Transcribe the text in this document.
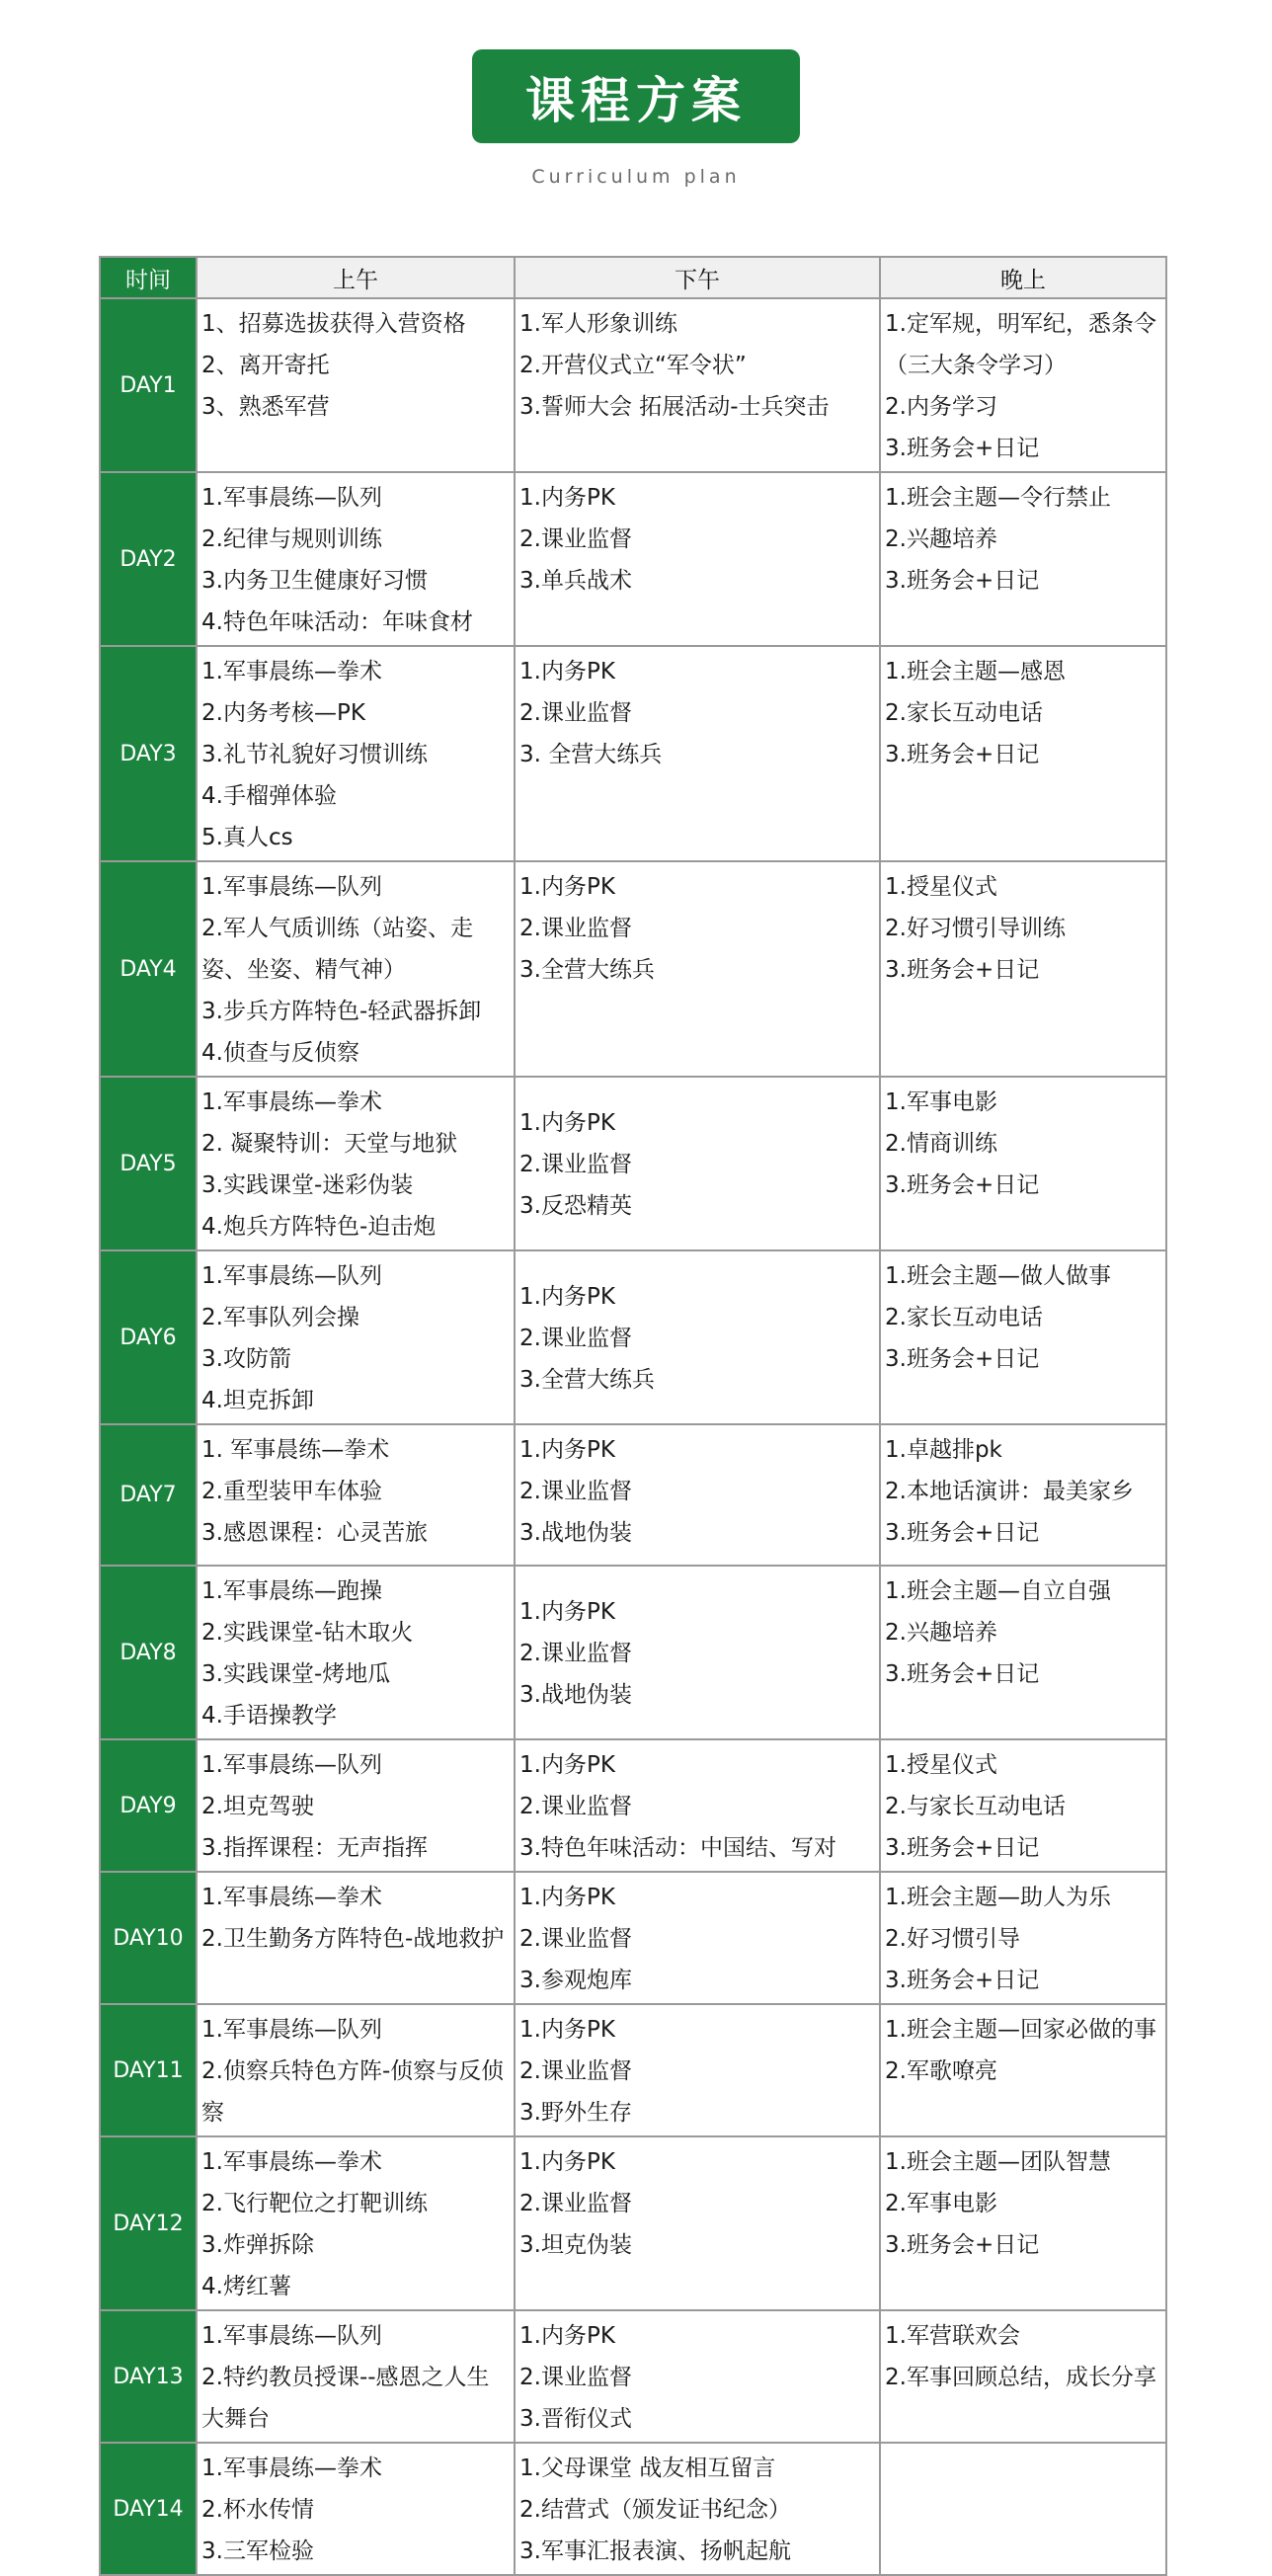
课程方案
Curriculum plan
时间	上午	下午	晚上
DAY1	1、招募选拔获得入营资格
2、离开寄托
3、熟悉军营	1.军人形象训练
2.开营仪式立“军令状”
3.誓师大会 拓展活动-士兵突击	1.定军规，明军纪，悉条令（三大条令学习）
2.内务学习
3.班务会+日记

DAY2	1.军事晨练—队列
2.纪律与规则训练
3.内务卫生健康好习惯
4.特色年味活动：年味食材	1.内务PK
2.课业监督
3.单兵战术	1.班会主题—令行禁止
2.兴趣培养
3.班务会+日记

DAY3	1.军事晨练—拳术
2.内务考核—PK
3.礼节礼貌好习惯训练
4.手榴弹体验
5.真人cs	1.内务PK
2.课业监督
3. 全营大练兵	1.班会主题—感恩
2.家长互动电话
3.班务会+日记

DAY4	1.军事晨练—队列
2.军人气质训练（站姿、走姿、坐姿、精气神）
3.步兵方阵特色-轻武器拆卸
4.侦查与反侦察	1.内务PK
2.课业监督
3.全营大练兵	1.授星仪式
2.好习惯引导训练
3.班务会+日记

DAY5	1.军事晨练—拳术
2. 凝聚特训：天堂与地狱
3.实践课堂-迷彩伪装
4.炮兵方阵特色-迫击炮	1.内务PK
2.课业监督
3.反恐精英	1.军事电影
2.情商训练
3.班务会+日记

DAY6	1.军事晨练—队列
2.军事队列会操
3.攻防箭
4.坦克拆卸	1.内务PK
2.课业监督
3.全营大练兵	1.班会主题—做人做事
2.家长互动电话
3.班务会+日记

DAY7	1. 军事晨练—拳术
2.重型装甲车体验
3.感恩课程：心灵苦旅	1.内务PK
2.课业监督
3.战地伪装	1.卓越排pk
2.本地话演讲：最美家乡
3.班务会+日记

DAY8	1.军事晨练—跑操
2.实践课堂-钻木取火
3.实践课堂-烤地瓜
4.手语操教学	1.内务PK
2.课业监督
3.战地伪装	1.班会主题—自立自强
2.兴趣培养
3.班务会+日记

DAY9	1.军事晨练—队列
2.坦克驾驶
3.指挥课程：无声指挥	1.内务PK
2.课业监督
3.特色年味活动：中国结、写对	1.授星仪式
2.与家长互动电话
3.班务会+日记

DAY10	1.军事晨练—拳术
2.卫生勤务方阵特色-战地救护	1.内务PK
2.课业监督
3.参观炮库	1.班会主题—助人为乐
2.好习惯引导
3.班务会+日记

DAY11	1.军事晨练—队列
2.侦察兵特色方阵-侦察与反侦察	1.内务PK
2.课业监督
3.野外生存	1.班会主题—回家必做的事
2.军歌嘹亮

DAY12	1.军事晨练—拳术
2.飞行靶位之打靶训练
3.炸弹拆除
4.烤红薯	1.内务PK
2.课业监督
3.坦克伪装	1.班会主题—团队智慧
2.军事电影
3.班务会+日记

DAY13	1.军事晨练—队列
2.特约教员授课--感恩之人生大舞台	1.内务PK
2.课业监督
3.晋衔仪式	1.军营联欢会
2.军事回顾总结，成长分享

DAY14	1.军事晨练—拳术
2.杯水传情
3.三军检验	1.父母课堂 战友相互留言
2.结营式（颁发证书纪念）
3.军事汇报表演、扬帆起航	
